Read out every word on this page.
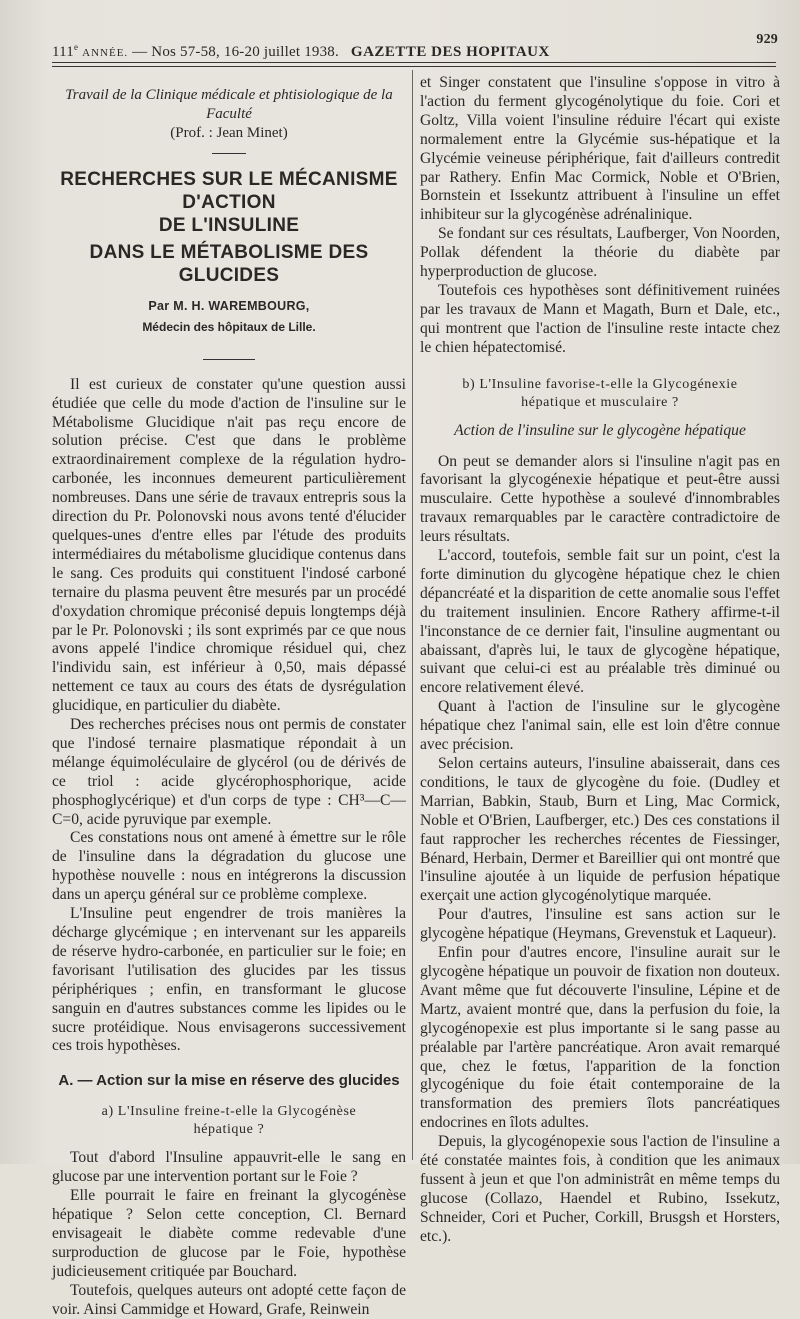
111e ANNÉE. — Nos 57-58, 16-20 juillet 1938. GAZETTE DES HOPITAUX
929
Travail de la Clinique médicale et phtisiologique de la Faculté
(Prof. : Jean Minet)
RECHERCHES SUR LE MÉCANISME D'ACTION
DE L'INSULINE
DANS LE MÉTABOLISME DES GLUCIDES
Par M. H. WAREMBOURG,
Médecin des hôpitaux de Lille.

Il est curieux de constater qu'une question aussi étudiée que celle du mode d'action de l'insuline sur le Métabolisme Glucidique n'ait pas reçu encore de solution précise. C'est que dans le problème extraordinairement complexe de la régulation hydro-carbonée, les inconnues demeurent particulièrement nombreuses. Dans une série de travaux entrepris sous la direction du Pr. Polonovski nous avons tenté d'élucider quelques-unes d'entre elles par l'étude des produits intermédiaires du métabolisme glucidique contenus dans le sang. Ces produits qui constituent l'indosé carboné ternaire du plasma peuvent être mesurés par un procédé d'oxydation chromique préconisé depuis longtemps déjà par le Pr. Polonovski ; ils sont exprimés par ce que nous avons appelé l'indice chromique résiduel qui, chez l'individu sain, est inférieur à 0,50, mais dépassé nettement ce taux au cours des états de dysrégulation glucidique, en particulier du diabète.

Des recherches précises nous ont permis de constater que l'indosé ternaire plasmatique répondait à un mélange équimoléculaire de glycérol (ou de dérivés de ce triol : acide glycérophosphorique, acide phosphoglycérique) et d'un corps de type : CH³—C—C=0, acide pyruvique par exemple.

Ces constations nous ont amené à émettre sur le rôle de l'insuline dans la dégradation du glucose une hypothèse nouvelle : nous en intégrerons la discussion dans un aperçu général sur ce problème complexe.

L'Insuline peut engendrer de trois manières la décharge glycémique ; en intervenant sur les appareils de réserve hydro-carbonée, en particulier sur le foie; en favorisant l'utilisation des glucides par les tissus périphériques ; enfin, en transformant le glucose sanguin en d'autres substances comme les lipides ou le sucre protéidique. Nous envisagerons successivement ces trois hypothèses.

A. — Action sur la mise en réserve des glucides
a) L'Insuline freine-t-elle la Glycogénèse
hépatique ?

Tout d'abord l'Insuline appauvrit-elle le sang en glucose par une intervention portant sur le Foie ?

Elle pourrait le faire en freinant la glycogénèse hépatique ? Selon cette conception, Cl. Bernard envisageait le diabète comme redevable d'une surproduction de glucose par le Foie, hypothèse judicieusement critiquée par Bouchard.

Toutefois, quelques auteurs ont adopté cette façon de voir. Ainsi Cammidge et Howard, Grafe, Reinwein

et Singer constatent que l'insuline s'oppose in vitro à l'action du ferment glycogénolytique du foie. Cori et Goltz, Villa voient l'insuline réduire l'écart qui existe normalement entre la Glycémie sus-hépatique et la Glycémie veineuse périphérique, fait d'ailleurs contredit par Rathery. Enfin Mac Cormick, Noble et O'Brien, Bornstein et Issekuntz attribuent à l'insuline un effet inhibiteur sur la glycogénèse adrénalinique.

Se fondant sur ces résultats, Laufberger, Von Noorden, Pollak défendent la théorie du diabète par hyperproduction de glucose.

Toutefois ces hypothèses sont définitivement ruinées par les travaux de Mann et Magath, Burn et Dale, etc., qui montrent que l'action de l'insuline reste intacte chez le chien hépatectomisé.

b) L'Insuline favorise-t-elle la Glycogénexie
hépatique et musculaire ?
Action de l'insuline sur le glycogène hépatique

On peut se demander alors si l'insuline n'agit pas en favorisant la glycogénexie hépatique et peut-être aussi musculaire. Cette hypothèse a soulevé d'innombrables travaux remarquables par le caractère contradictoire de leurs résultats.

L'accord, toutefois, semble fait sur un point, c'est la forte diminution du glycogène hépatique chez le chien dépancréaté et la disparition de cette anomalie sous l'effet du traitement insulinien. Encore Rathery affirme-t-il l'inconstance de ce dernier fait, l'insuline augmentant ou abaissant, d'après lui, le taux de glycogène hépatique, suivant que celui-ci est au préalable très diminué ou encore relativement élevé.

Quant à l'action de l'insuline sur le glycogène hépatique chez l'animal sain, elle est loin d'être connue avec précision.

Selon certains auteurs, l'insuline abaisserait, dans ces conditions, le taux de glycogène du foie. (Dudley et Marrian, Babkin, Staub, Burn et Ling, Mac Cormick, Noble et O'Brien, Laufberger, etc.) Des ces constations il faut rapprocher les recherches récentes de Fiessinger, Bénard, Herbain, Dermer et Bareillier qui ont montré que l'insuline ajoutée à un liquide de perfusion hépatique exerçait une action glycogénolytique marquée.

Pour d'autres, l'insuline est sans action sur le glycogène hépatique (Heymans, Grevenstuk et Laqueur).

Enfin pour d'autres encore, l'insuline aurait sur le glycogène hépatique un pouvoir de fixation non douteux. Avant même que fut découverte l'insuline, Lépine et de Martz, avaient montré que, dans la perfusion du foie, la glycogénopexie est plus importante si le sang passe au préalable par l'artère pancréatique. Aron avait remarqué que, chez le fœtus, l'apparition de la fonction glycogénique du foie était contemporaine de la transformation des premiers îlots pancréatiques endocrines en îlots adultes.

Depuis, la glycogénopexie sous l'action de l'insuline a été constatée maintes fois, à condition que les animaux fussent à jeun et que l'on administrât en même temps du glucose (Collazo, Haendel et Rubino, Issekutz, Schneider, Cori et Pucher, Corkill, Brusgsh et Horsters, etc.).
